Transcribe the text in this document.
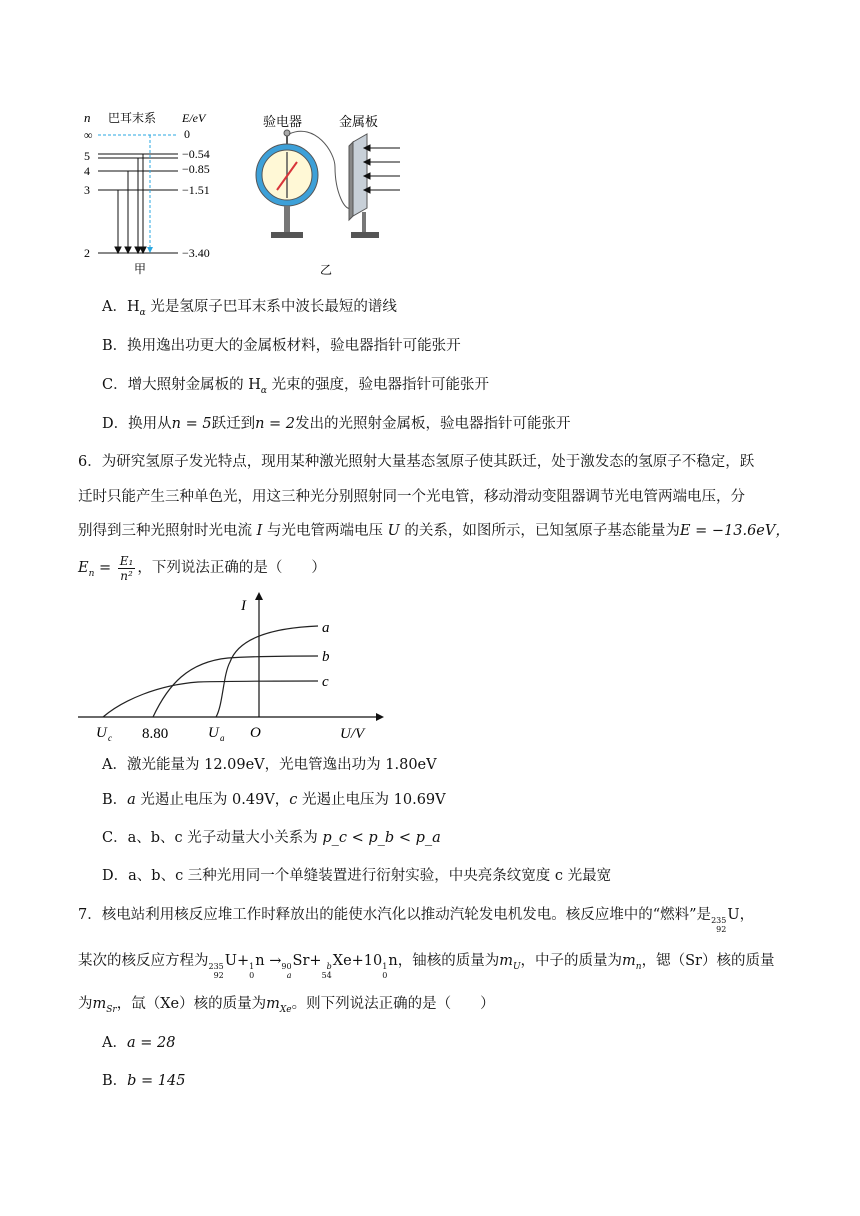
n 巴耳末系 E/eV
∞
5
4
3
2
0
−0.54
−0.85
−1.51
−3.40
甲
验电器	金属板
乙
A．$H_\alpha$ 光是氢原子巴耳末系中波长最短的谱线
B．换用逸出功更大的金属板材料，验电器指针可能张开
C．增大照射金属板的 $H_\alpha$ 光束的强度，验电器指针可能张开
D．换用从n = 5跃迁到n = 2发出的光照射金属板，验电器指针可能张开
6．为研究氢原子发光特点，现用某种激光照射大量基态氢原子使其跃迁，处于激发态的氢原子不稳定，跃
迁时只能产生三种单色光，用这三种光分别照射同一个光电管，移动滑动变阻器调节光电管两端电压，分
别得到三种光照射时光电流 I 与光电管两端电压 U 的关系，如图所示，已知氢原子基态能量为E = −13.6eV，
$E_n = \frac{\text{E₁}}{\text{n²}}$ ，下列说法正确的是（　　）
I
U/V
a
b
c
U c 8.80	U a O
A．激光能量为 12.09eV，光电管逸出功为 1.80eV
B．a 光遏止电压为 0.49V，c 光遏止电压为 10.69V
C．a、b、c 光子动量大小关系为 p_c < p_b < p_a
D．a、b、c 三种光用同一个单缝装置进行衍射实验，中央亮条纹宽度 c 光最宽
7．核电站利用核反应堆工作时释放出的能使水汽化以推动汽轮发电机发电。核反应堆中的“燃料”是 235
92
U，
某次的核反应方程为 235
92
U+ 1
0
n → 90
a
Sr+ b
54
Xe+10 1
0
n，铀核的质量为$m_U$，中子的质量为$m_n$，锶（Sr）核的质量
为$m_{Sr}$，氙（Xe）核的质量为$m_{Xe}$。则下列说法正确的是（　　）
A．a = 28
B．b = 145
